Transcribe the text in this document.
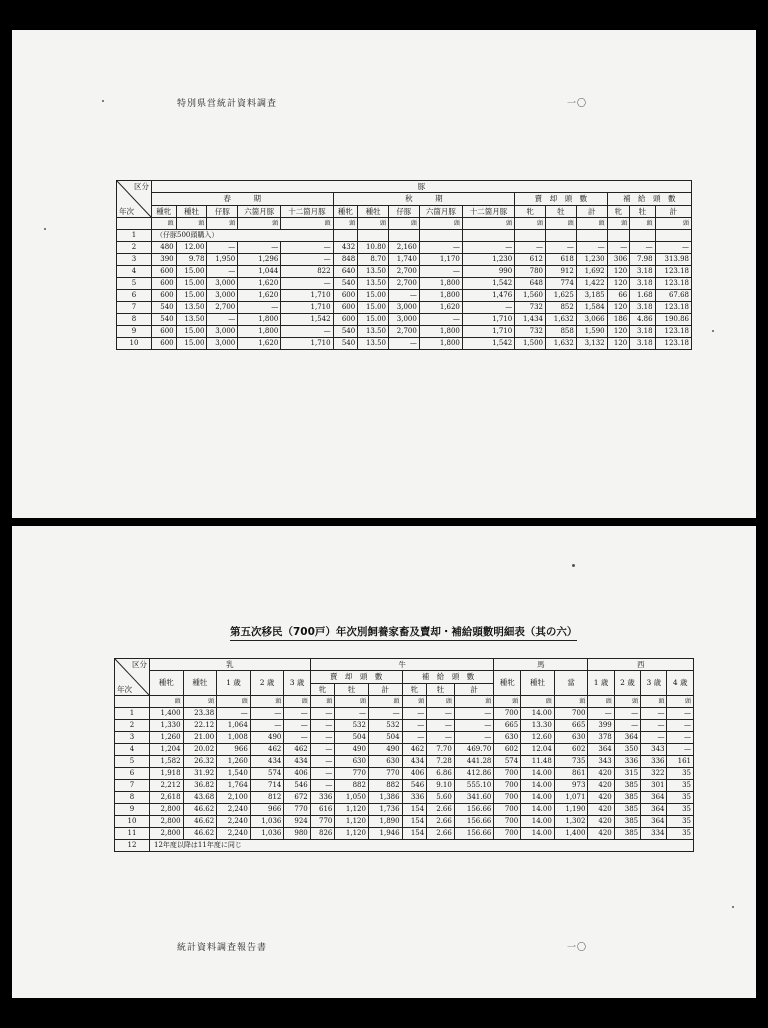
特別県営統計資料調査	一〇
区分
年次	豚															
	春　　　期					秋　　　期					賣　却　頭　數			補　給　頭　數		
	種牝	種牡	仔豚	六箇月豚	十二箇月豚	種牝	種牡	仔豚	六箇月豚	十二箇月豚	牝	牡	計	牝	牡	計
	頭	頭	頭	頭	頭	頭	頭	頭	頭	頭	頭	頭	頭	頭	頭	頭
1	（仔豚500頭購入）															
2	480	12.00	—	—	—	432	10.80	2,160	—	—	—	—	—	—	—	—
3	390	9.78	1,950	1,296	—	848	8.70	1,740	1,170	1,230	612	618	1,230	306	7.98	313.98
4	600	15.00	—	1,044	822	640	13.50	2,700	—	990	780	912	1,692	120	3.18	123.18
5	600	15.00	3,000	1,620	—	540	13.50	2,700	1,800	1,542	648	774	1,422	120	3.18	123.18
6	600	15.00	3,000	1,620	1,710	600	15.00	—	1,800	1,476	1,560	1,625	3,185	66	1.68	67.68
7	540	13.50	2,700	—	1,710	600	15.00	3,000	1,620	—	732	852	1,584	120	3.18	123.18
8	540	13.50	—	1,800	1,542	600	15.00	3,000	—	1,710	1,434	1,632	3,066	186	4.86	190.86
9	600	15.00	3,000	1,800	—	540	13.50	2,700	1,800	1,710	732	858	1,590	120	3.18	123.18
10	600	15.00	3,000	1,620	1,710	540	13.50	—	1,800	1,542	1,500	1,632	3,132	120	3.18	123.18
第五次移民（700戸）年次別飼養家畜及賣却・補給頭數明細表（其の六）
区分
年次	乳					牛						馬			西			
	種牝	種牡	1 歳	2 歳	3 歳	賣　却　頭　數			補　給　頭　數			種牝	種牡	當	1 歳	2 歳	3 歳	4 歳
						牝	牡	計	牝	牡	計							
	頭	頭	頭	頭	頭	頭	頭	頭	頭	頭	頭	頭	頭	頭	頭	頭	頭	頭
1	1,400	23.38	—	—	—	—	—	—	—	—	—	700	14.00	700	—	—	—	—
2	1,330	22.12	1,064	—	—	—	532	532	—	—	—	665	13.30	665	399	—	—	—
3	1,260	21.00	1,008	490	—	—	504	504	—	—	—	630	12.60	630	378	364	—	—
4	1,204	20.02	966	462	462	—	490	490	462	7.70	469.70	602	12.04	602	364	350	343	—
5	1,582	26.32	1,260	434	434	—	630	630	434	7.28	441.28	574	11.48	735	343	336	336	161
6	1,918	31.92	1,540	574	406	—	770	770	406	6.86	412.86	700	14.00	861	420	315	322	35
7	2,212	36.82	1,764	714	546	—	882	882	546	9.10	555.10	700	14.00	973	420	385	301	35
8	2,618	43.68	2,100	812	672	336	1,050	1,386	336	5.60	341.60	700	14.00	1,071	420	385	364	35
9	2,800	46.62	2,240	966	770	616	1,120	1,736	154	2.66	156.66	700	14.00	1,190	420	385	364	35
10	2,800	46.62	2,240	1,036	924	770	1,120	1,890	154	2.66	156.66	700	14.00	1,302	420	385	364	35
11	2,800	46.62	2,240	1,036	980	826	1,120	1,946	154	2.66	156.66	700	14.00	1,400	420	385	334	35
12	12年度以降は11年度に同じ																	
統計資料調査報告書	一〇
